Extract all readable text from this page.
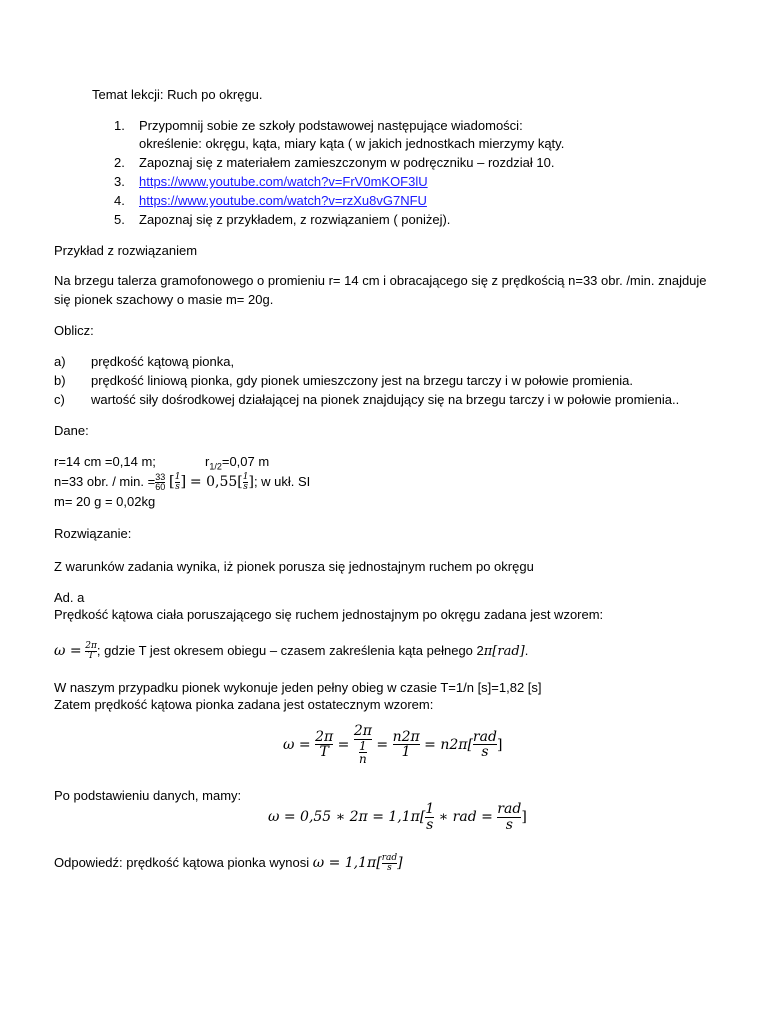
Temat lekcji: Ruch po okręgu.
1. Przypomnij sobie ze szkoły podstawowej następujące wiadomości:
określenie: okręgu, kąta, miary kąta ( w jakich jednostkach mierzymy kąty.
2. Zapoznaj się z materiałem zamieszczonym w podręczniku – rozdział 10.
3. https://www.youtube.com/watch?v=FrV0mKOF3lU
4. https://www.youtube.com/watch?v=rzXu8vG7NFU
5. Zapoznaj się z przykładem, z rozwiązaniem ( poniżej).
Przykład z rozwiązaniem
Na brzegu talerza gramofonowego o promieniu r= 14 cm i obracającego się z prędkością n=33 obr. /min. znajduje
się pionek szachowy o masie m= 20g.
Oblicz:
a) prędkość kątową pionka,
b) prędkość liniową pionka, gdy pionek umieszczony jest na brzegu tarczy i w połowie promienia.
c) wartość siły dośrodkowej działającej na pionek znajdujący się na brzegu tarczy i w połowie promienia..
Dane:
r=14 cm =0,14 m;	$r_{1/2}=0,07$ m
n=33 obr. / min. = $\frac{33}{60}$ [ $\frac{1}{s}$ ] = $0,55[ \frac{1}{s}$ ]; w ukł. SI
m= 20 g = 0,02kg
Rozwiązanie:
Z warunków zadania wynika, iż pionek porusza się jednostajnym ruchem po okręgu
Ad. a
Prędkość kątowa ciała poruszającego się ruchem jednostajnym po okręgu zadana jest wzorem:
$\omega = \frac{2\pi}{T}$ ; gdzie T jest okresem obiegu – czasem zakreślenia kąta pełnego 2π[rad].
W naszym przypadku pionek wykonuje jeden pełny obieg w czasie T=1/n [s]=1,82 [s]
Zatem prędkość kątowa pionka zadana jest ostatecznym wzorem:
$\omega = \frac{2\pi}{T} = \frac{2\pi}{\frac{1}{n}} = \frac{n2\pi}{1} = n2\pi[ \frac{\text{rad}}{s}$ ]
Po podstawieniu danych, mamy:
ω = 0,55 ∗ $2\pi = 1,1\pi[ \frac{1}{s}$ ∗ rad = $\frac{\text{rad}}{s}$ ]
Odpowiedź: prędkość kątowa pionka wynosi $\omega = 1,1\pi[ \frac{\text{rad}}{s}$ ]
